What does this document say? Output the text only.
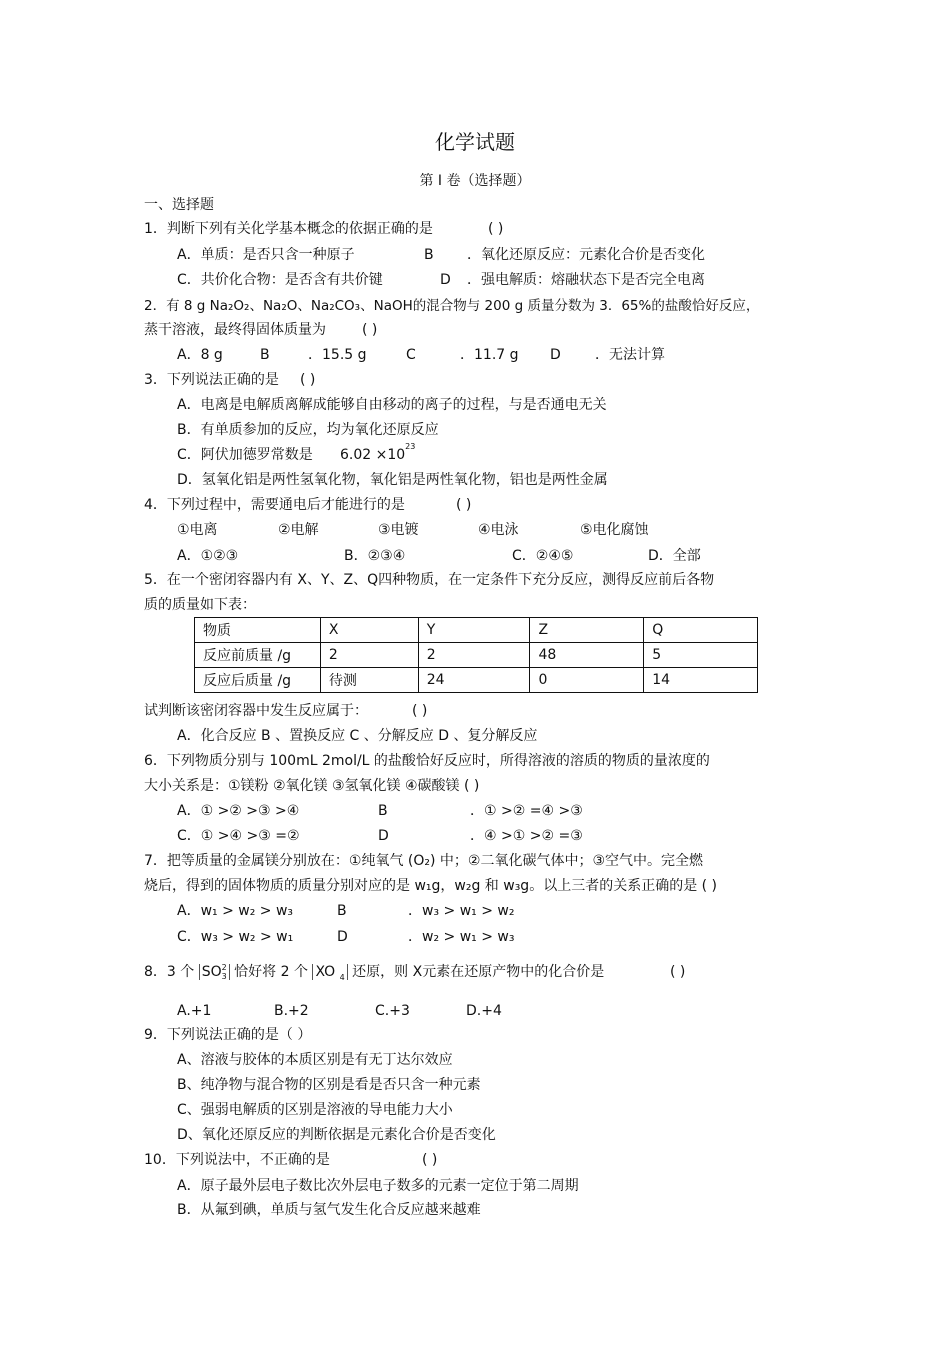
化学试题
第 Ⅰ 卷（选择题）
一、选择题
1．判断下列有关化学基本概念的依据正确的是	( )
A．单质：是否只含一种原子	B ．氧化还原反应：元素化合价是否变化
C．共价化合物：是否含有共价键	D ．强电解质：熔融状态下是否完全电离
2．有 8 g Na₂O₂、Na₂O、Na₂CO₃、NaOH的混合物与 200 g 质量分数为 3．65%的盐酸恰好反应，
蒸干溶液，最终得固体质量为	( )
A．8 g	B	．15.5 g	C	．11.7 g D ．无法计算
3．下列说法正确的是 ( )
A．电离是电解质离解成能够自由移动的离子的过程，与是否通电无关
B．有单质参加的反应，均为氧化还原反应
C．阿伏加德罗常数是 $6.02 \times 10^{23}$
D．氢氧化铝是两性氢氧化物，氧化铝是两性氧化物，铝也是两性金属
4．下列过程中，需要通电后才能进行的是	( )
①电离	②电解	③电镀	④电泳	⑤电化腐蚀
A．①②③	B．②③④	C．②④⑤	D．全部
5．在一个密闭容器内有 X、Y、Z、Q四种物质，在一定条件下充分反应，测得反应前后各物
质的质量如下表：
物质	X	Y	Z	Q
反应前质量 /g	2	2	48	5
反应后质量 /g	待测	24	0	14
试判断该密闭容器中发生反应属于：	( )
A．化合反应 B 、置换反应 C 、分解反应 D 、复分解反应
6．下列物质分别与 100mL 2mol/L 的盐酸恰好反应时，所得溶液的溶质的物质的量浓度的
大小关系是：①镁粉 ②氧化镁 ③氢氧化镁 ④碳酸镁 ( )
A．① >② >③ >④	B	．① >② =④ >③
C．① >④ >③ =②	D	．④ >① >② =③
7．把等质量的金属镁分别放在：①纯氧气 (O₂) 中；②二氧化碳气体中；③空气中。完全燃
烧后，得到的固体物质的质量分别对应的是 w₁g，w₂g 和 w₃g。以上三者的关系正确的是 ( )
A．w₁ > w₂ > w₃	B	．w₃ > w₁ > w₂
C．w₃ > w₂ > w₁	D	．w₂ > w₁ > w₃
8．3 个 SO 2
3 恰好将 2 个 XO $_4$ 还原，则 X元素在还原产物中的化合价是	( )
A.+1	B.+2	C.+3	D.+4
9．下列说法正确的是（ ）
A、溶液与胶体的本质区别是有无丁达尔效应
B、纯净物与混合物的区别是看是否只含一种元素
C、强弱电解质的区别是溶液的导电能力大小
D、氧化还原反应的判断依据是元素化合价是否变化
10．下列说法中，不正确的是	( )
A．原子最外层电子数比次外层电子数多的元素一定位于第二周期
B．从氟到碘，单质与氢气发生化合反应越来越难
